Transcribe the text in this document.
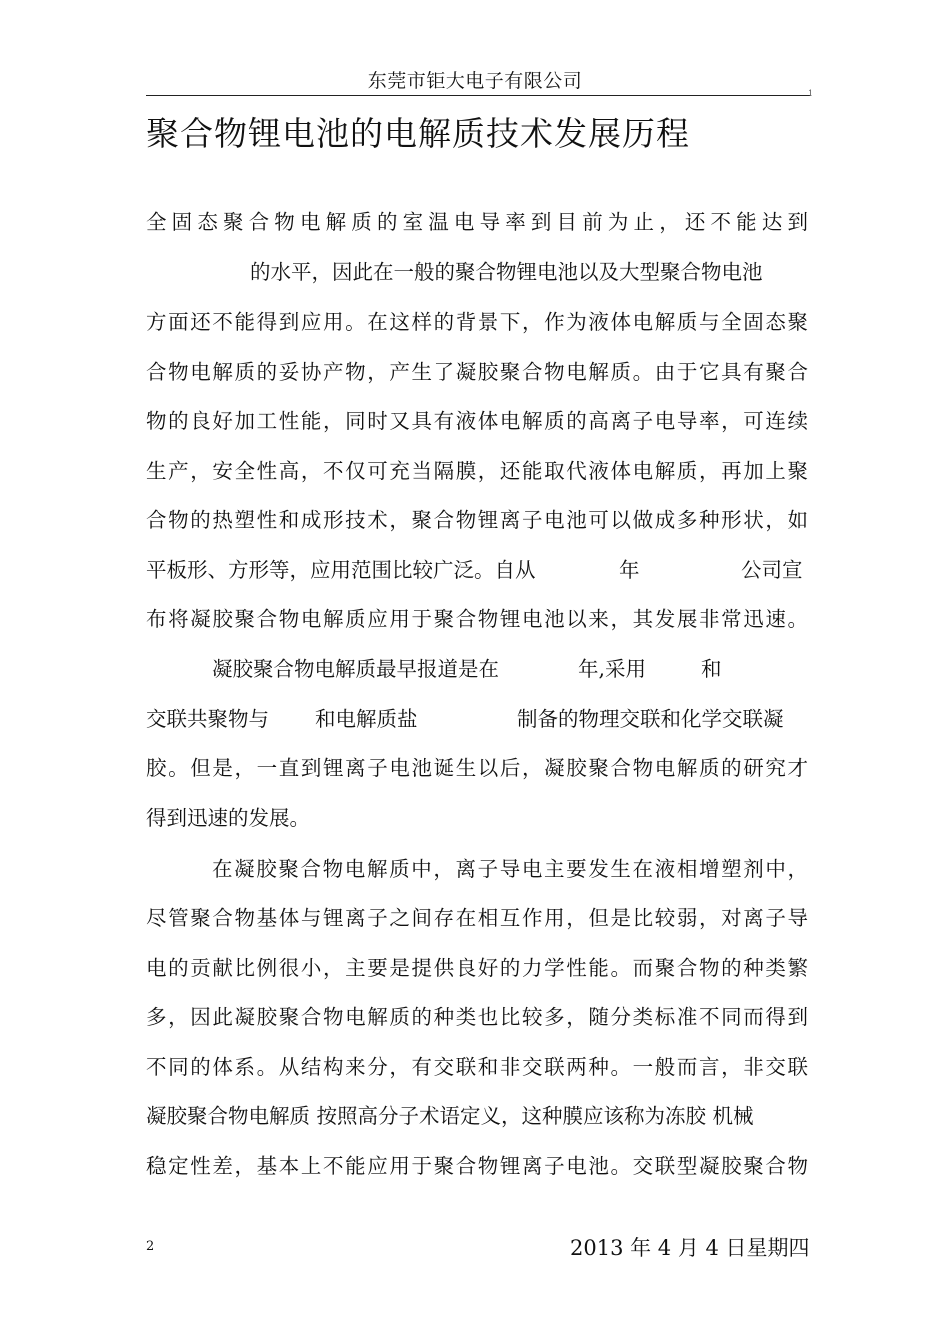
东莞市钜大电子有限公司
1
聚合物锂电池的电解质技术发展历程
全固态聚合物电解质的室温电导率到目前为止，还不能达到
的水平，因此在一般的聚合物锂电池以及大型聚合物电池
方面还不能得到应用。在这样的背景下，作为液体电解质与全固态聚
合物电解质的妥协产物，产生了凝胶聚合物电解质。由于它具有聚合
物的良好加工性能，同时又具有液体电解质的高离子电导率，可连续
生产，安全性高，不仅可充当隔膜，还能取代液体电解质，再加上聚
合物的热塑性和成形技术，聚合物锂离子电池可以做成多种形状，如
平板形、方形等，应用范围比较广泛。自从	年	公司宣
布将凝胶聚合物电解质应用于聚合物锂电池以来，其发展非常迅速。
凝胶聚合物电解质最早报道是在	年,采用	和
交联共聚物与 和电解质盐	制备的物理交联和化学交联凝
胶。但是，一直到锂离子电池诞生以后，凝胶聚合物电解质的研究才
得到迅速的发展。
在凝胶聚合物电解质中，离子导电主要发生在液相增塑剂中，
尽管聚合物基体与锂离子之间存在相互作用，但是比较弱，对离子导
电的贡献比例很小，主要是提供良好的力学性能。而聚合物的种类繁
多，因此凝胶聚合物电解质的种类也比较多，随分类标准不同而得到
不同的体系。从结构来分，有交联和非交联两种。一般而言，非交联
凝胶聚合物电解质 按照高分子术语定义，这种膜应该称为冻胶 机械
稳定性差，基本上不能应用于聚合物锂离子电池。交联型凝胶聚合物
2	2013 年 4 月 4 日星期四
